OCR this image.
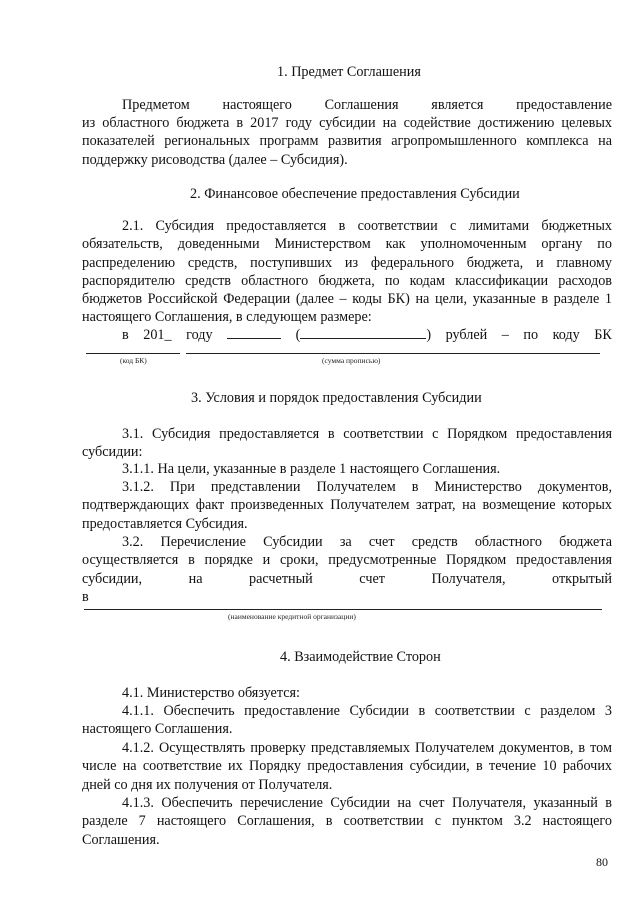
1. Предмет Соглашения
Предметом настоящего Соглашения является предоставление
из областного бюджета в 2017 году субсидии на содействие достижению целевых показателей региональных программ развития агропромышленного комплекса на поддержку рисоводства (далее – Субсидия).
2. Финансовое обеспечение предоставления Субсидии
2.1. Субсидия предоставляется в соответствии с лимитами бюджетных обязательств, доведенными Министерством как уполномоченным органу по распределению средств, поступивших из федерального бюджета, и главному распорядителю средств областного бюджета, по кодам классификации расходов бюджетов Российской Федерации (далее – коды БК) на цели, указанные в разделе 1 настоящего Соглашения, в следующем размере:
в 201_ году	(	) рублей – по коду БК
(код БК)	(сумма прописью)
3. Условия и порядок предоставления Субсидии
3.1. Субсидия предоставляется в соответствии с Порядком предоставления субсидии:
3.1.1. На цели, указанные в разделе 1 настоящего Соглашения.
3.1.2. При представлении Получателем в Министерство документов, подтверждающих факт произведенных Получателем затрат, на возмещение которых предоставляется Субсидия.
3.2. Перечисление Субсидии за счет средств областного бюджета осуществляется в порядке и сроки, предусмотренные Порядком предоставления субсидии, на расчетный счет Получателя, открытый
в
(наименование кредитной организации)
4. Взаимодействие Сторон
4.1. Министерство обязуется:
4.1.1. Обеспечить предоставление Субсидии в соответствии с разделом 3 настоящего Соглашения.
4.1.2. Осуществлять проверку представляемых Получателем документов, в том числе на соответствие их Порядку предоставления субсидии, в течение 10 рабочих дней со дня их получения от Получателя.
4.1.3. Обеспечить перечисление Субсидии на счет Получателя, указанный в разделе 7 настоящего Соглашения, в соответствии с пунктом 3.2 настоящего Соглашения.
80
